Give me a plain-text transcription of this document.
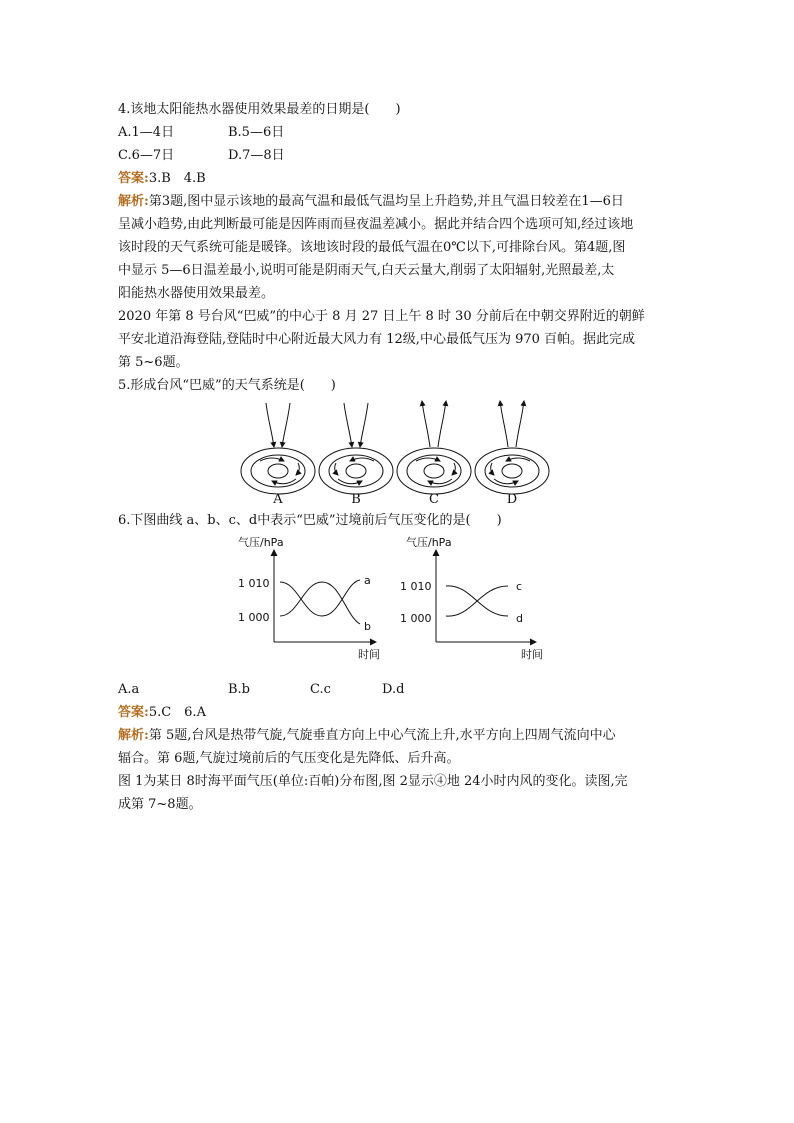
4.该地太阳能热水器使用效果最差的日期是(　　)

A.1—4日	B.5—6日
C.6—7日	D.7—8日

答案:3.B　4.B

解析:第3题,图中显示该地的最高气温和最低气温均呈上升趋势,并且气温日较差在1—6日

呈减小趋势,由此判断最可能是因阵雨而昼夜温差减小。据此并结合四个选项可知,经过该地

该时段的天气系统可能是暖锋。该地该时段的最低气温在0℃以下,可排除台风。第4题,图

中显示 5—6日温差最小,说明可能是阴雨天气,白天云量大,削弱了太阳辐射,光照最差,太

阳能热水器使用效果最差。

2020 年第 8 号台风“巴威”的中心于 8 月 27 日上午 8 时 30 分前后在中朝交界附近的朝鲜

平安北道沿海登陆,登陆时中心附近最大风力有 12级,中心最低气压为 970 百帕。据此完成

第 5~6题。

5.形成台风“巴威”的天气系统是(　　)

A	B	C	D

6.下图曲线 a、b、c、d中表示“巴威”过境前后气压变化的是(　　)

气压/hPa
1 010
1 000
时间
a
b
气压/hPa
1 010
1 000
时间
c
d
A.a	B.b	C.c	D.d

答案:5.C　6.A

解析:第 5题,台风是热带气旋,气旋垂直方向上中心气流上升,水平方向上四周气流向中心

辐合。第 6题,气旋过境前后的气压变化是先降低、后升高。

图 1为某日 8时海平面气压(单位:百帕)分布图,图 2显示④地 24小时内风的变化。读图,完

成第 7~8题。
